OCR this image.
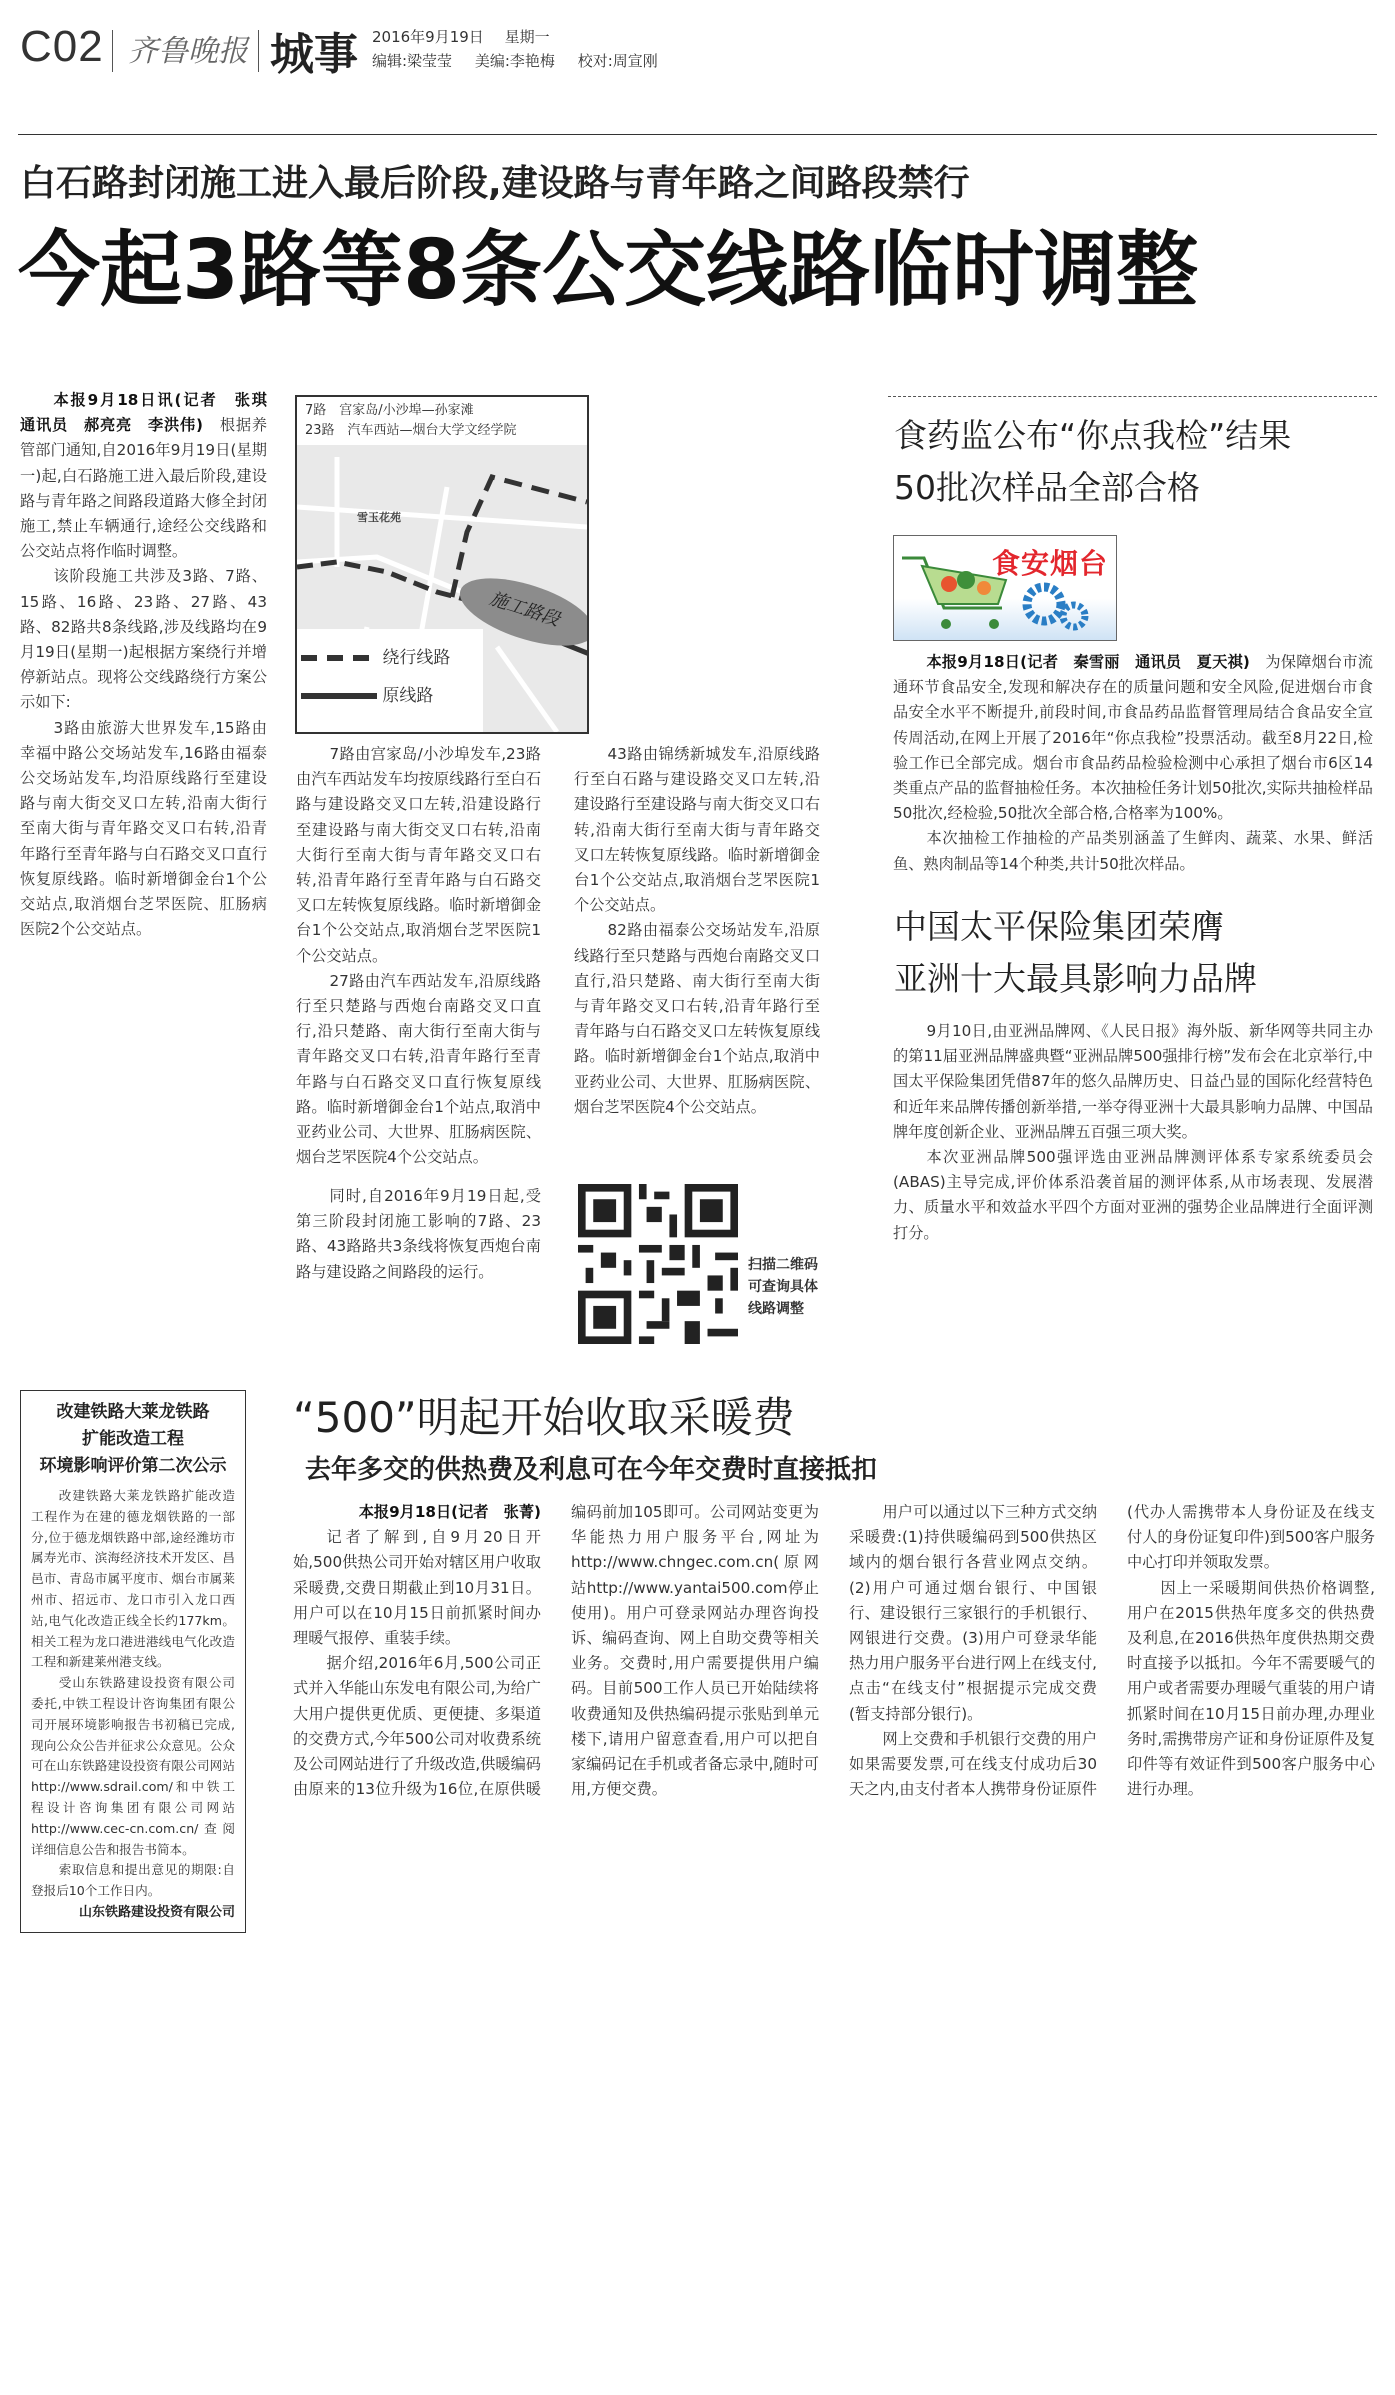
C02 齐鲁晚报 城事 2016年9月19日 星期一
编辑:梁莹莹 美编:李艳梅 校对:周宣刚
白石路封闭施工进入最后阶段,建设路与青年路之间路段禁行
今起3路等8条公交线路临时调整

本报9月18日讯(记者　张琪　通讯员　郝亮亮　李洪伟)　 根据养管部门通知,自2016年9月19日(星期一)起,白石路施工进入最后阶段,建设路与青年路之间路段道路大修全封闭施工,禁止车辆通行,途经公交线路和公交站点将作临时调整。

该阶段施工共涉及3路、7路、15路、16路、23路、27路、43路、82路共8条线路,涉及线路均在9月19日(星期一)起根据方案绕行并增停新站点。现将公交线路绕行方案公示如下:

3路由旅游大世界发车,15路由幸福中路公交场站发车,16路由福泰公交场站发车,均沿原线路行至建设路与南大街交叉口左转,沿南大街行至南大街与青年路交叉口右转,沿青年路行至青年路与白石路交叉口直行恢复原线路。临时新增御金台1个公交站点,取消烟台芝罘医院、肛肠病医院2个公交站点。

7路　宫家岛/小沙埠—孙家滩
23路　汽车西站—烟台大学文经学院
雪玉花苑
施工路段
绕行线路
原线路

7路由宫家岛/小沙埠发车,23路由汽车西站发车均按原线路行至白石路与建设路交叉口左转,沿建设路行至建设路与南大街交叉口右转,沿南大街行至南大街与青年路交叉口右转,沿青年路行至青年路与白石路交叉口左转恢复原线路。临时新增御金台1个公交站点,取消烟台芝罘医院1个公交站点。

27路由汽车西站发车,沿原线路行至只楚路与西炮台南路交叉口直行,沿只楚路、南大街行至南大街与青年路交叉口右转,沿青年路行至青年路与白石路交叉口直行恢复原线路。临时新增御金台1个站点,取消中亚药业公司、大世界、肛肠病医院、烟台芝罘医院4个公交站点。

43路由锦绣新城发车,沿原线路行至白石路与建设路交叉口左转,沿建设路行至建设路与南大街交叉口右转,沿南大街行至南大街与青年路交叉口左转恢复原线路。临时新增御金台1个公交站点,取消烟台芝罘医院1个公交站点。

82路由福泰公交场站发车,沿原线路行至只楚路与西炮台南路交叉口直行,沿只楚路、南大街行至南大街与青年路交叉口右转,沿青年路行至青年路与白石路交叉口左转恢复原线路。临时新增御金台1个站点,取消中亚药业公司、大世界、肛肠病医院、烟台芝罘医院4个公交站点。

同时,自2016年9月19日起,受第三阶段封闭施工影响的7路、23路、43路路共3条线将恢复西炮台南路与建设路之间路段的运行。	扫描二维码可查询具体线路调整
食药监公布“你点我检”结果
50批次样品全部合格
食安烟台

本报9月18日(记者　秦雪丽　通讯员　夏天祺)　 为保障烟台市流通环节食品安全,发现和解决存在的质量问题和安全风险,促进烟台市食品安全水平不断提升,前段时间,市食品药品监督管理局结合食品安全宣传周活动,在网上开展了2016年“你点我检”投票活动。截至8月22日,检验工作已全部完成。烟台市食品药品检验检测中心承担了烟台市6区14类重点产品的监督抽检任务。本次抽检任务计划50批次,实际共抽检样品50批次,经检验,50批次全部合格,合格率为100%。

本次抽检工作抽检的产品类别涵盖了生鲜肉、蔬菜、水果、鲜活鱼、熟肉制品等14个种类,共计50批次样品。

中国太平保险集团荣膺
亚洲十大最具影响力品牌

9月10日,由亚洲品牌网、《人民日报》海外版、新华网等共同主办的第11届亚洲品牌盛典暨“亚洲品牌500强排行榜”发布会在北京举行,中国太平保险集团凭借87年的悠久品牌历史、日益凸显的国际化经营特色和近年来品牌传播创新举措,一举夺得亚洲十大最具影响力品牌、中国品牌年度创新企业、亚洲品牌五百强三项大奖。

本次亚洲品牌500强评选由亚洲品牌测评体系专家系统委员会(ABAS)主导完成,评价体系沿袭首届的测评体系,从市场表现、发展潜力、质量水平和效益水平四个方面对亚洲的强势企业品牌进行全面评测打分。

改建铁路大莱龙铁路
扩能改造工程
环境影响评价第二次公示

改建铁路大莱龙铁路扩能改造工程作为在建的德龙烟铁路的一部分,位于德龙烟铁路中部,途经潍坊市属寿光市、滨海经济技术开发区、昌邑市、青岛市属平度市、烟台市属莱州市、招远市、龙口市引入龙口西站,电气化改造正线全长约177km。相关工程为龙口港进港线电气化改造工程和新建莱州港支线。

受山东铁路建设投资有限公司委托,中铁工程设计咨询集团有限公司开展环境影响报告书初稿已完成,现向公众公告并征求公众意见。公众可在山东铁路建设投资有限公司网站http://www.sdrail.com/和中铁工程设计咨询集团有限公司网站http://www.cec-cn.com.cn/查阅详细信息公告和报告书简本。

索取信息和提出意见的期限:自登报后10个工作日内。

山东铁路建设投资有限公司
“500”明起开始收取采暖费
去年多交的供热费及利息可在今年交费时直接抵扣

本报9月18日(记者　张菁)

记者了解到,自9月20日开始,500供热公司开始对辖区用户收取采暖费,交费日期截止到10月31日。用户可以在10月15日前抓紧时间办理暖气报停、重装手续。

据介绍,2016年6月,500公司正式并入华能山东发电有限公司,为给广大用户提供更优质、更便捷、多渠道的交费方式,今年500公司对收费系统及公司网站进行了升级改造,供暖编码由原来的13位升级为16位,在原供暖编码前加105即可。公司网站变更为华能热力用户服务平台,网址为http://www.chngec.com.cn(原网站http://www.yantai500.com停止使用)。用户可登录网站办理咨询投诉、编码查询、网上自助交费等相关业务。交费时,用户需要提供用户编码。目前500工作人员已开始陆续将收费通知及供热编码提示张贴到单元楼下,请用户留意查看,用户可以把自家编码记在手机或者备忘录中,随时可用,方便交费。

用户可以通过以下三种方式交纳采暖费:(1)持供暖编码到500供热区域内的烟台银行各营业网点交纳。(2)用户可通过烟台银行、中国银行、建设银行三家银行的手机银行、网银进行交费。(3)用户可登录华能热力用户服务平台进行网上在线支付,点击“在线支付”根据提示完成交费(暂支持部分银行)。

网上交费和手机银行交费的用户如果需要发票,可在线支付成功后30天之内,由支付者本人携带身份证原件(代办人需携带本人身份证及在线支付人的身份证复印件)到500客户服务中心打印并领取发票。

因上一采暖期间供热价格调整,用户在2015供热年度多交的供热费及利息,在2016供热年度供热期交费时直接予以抵扣。今年不需要暖气的用户或者需要办理暖气重装的用户请抓紧时间在10月15日前办理,办理业务时,需携带房产证和身份证原件及复印件等有效证件到500客户服务中心进行办理。
